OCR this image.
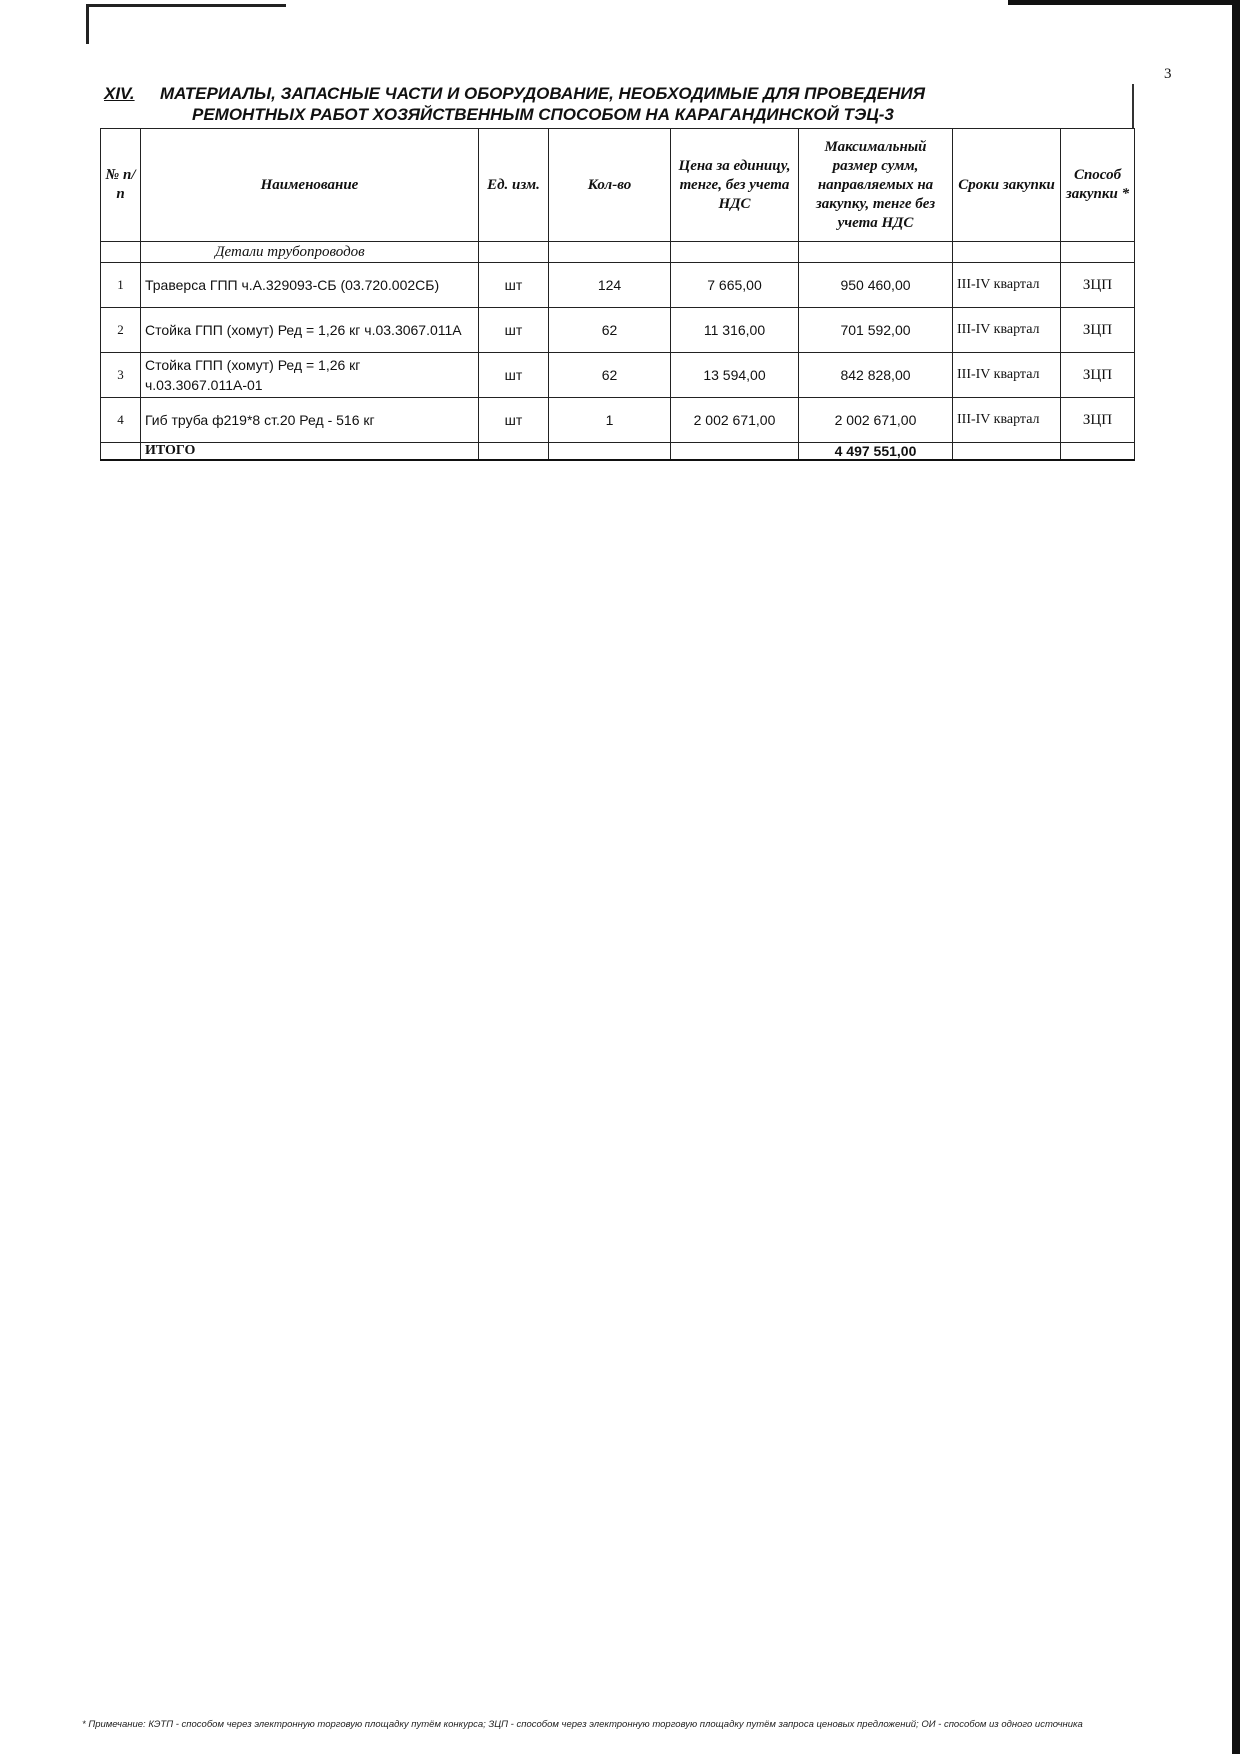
3
XIV. МАТЕРИАЛЫ, ЗАПАСНЫЕ ЧАСТИ И ОБОРУДОВАНИЕ, НЕОБХОДИМЫЕ ДЛЯ ПРОВЕДЕНИЯ
РЕМОНТНЫХ РАБОТ ХОЗЯЙСТВЕННЫМ СПОСОБОМ НА КАРАГАНДИНСКОЙ ТЭЦ-3
№ п/п	Наименование	Ед. изм.	Кол-во	Цена за единицу, тенге, без учета НДС	Максимальный размер сумм, направляемых на закупку, тенге без учета НДС	Сроки закупки	Способ закупки *
	Детали трубопроводов						
1	Траверса ГПП ч.А.329093-СБ (03.720.002СБ)	шт	124	7 665,00	950 460,00	III-IV квартал	ЗЦП
2	Стойка ГПП (хомут) Ред = 1,26 кг ч.03.3067.011А	шт	62	11 316,00	701 592,00	III-IV квартал	ЗЦП
3	Стойка ГПП (хомут) Ред = 1,26 кг ч.03.3067.011А-01	шт	62	13 594,00	842 828,00	III-IV квартал	ЗЦП
4	Гиб труба ф219*8 ст.20 Ред - 516 кг	шт	1	2 002 671,00	2 002 671,00	III-IV квартал	ЗЦП
	ИТОГО				4 497 551,00		
* Примечание: КЭТП - способом через электронную торговую площадку путём конкурса; ЗЦП - способом через электронную торговую площадку путём запроса ценовых предложений; ОИ - способом из одного источника
